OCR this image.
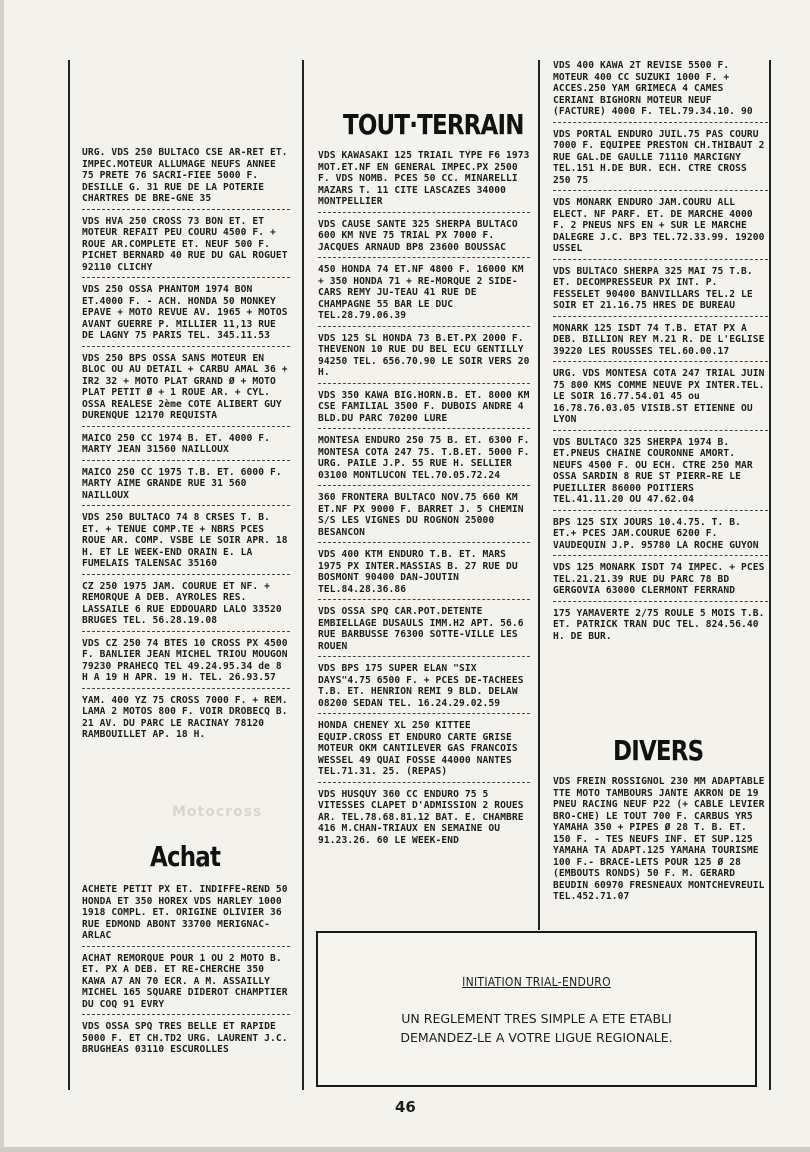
TOUT·TERRAIN
Motocross
Achat
DIVERS
URG. VDS 250 BULTACO CSE AR-RET ET. IMPEC.MOTEUR ALLUMAGE NEUFS ANNEE 75 PRETE 76 SACRI-FIEE 5000 F. DESILLE G. 31 RUE DE LA POTERIE CHARTRES DE BRE-GNE 35
VDS HVA 250 CROSS 73 BON ET. ET MOTEUR REFAIT PEU COURU 4500 F. + ROUE AR.COMPLETE ET. NEUF 500 F. PICHET BERNARD 40 RUE DU GAL ROGUET 92110 CLICHY
VDS 250 OSSA PHANTOM 1974 BON ET.4000 F. - ACH. HONDA 50 MONKEY EPAVE + MOTO REVUE AV. 1965 + MOTOS AVANT GUERRE P. MILLIER 11,13 RUE DE LAGNY 75 PARIS TEL. 345.11.53
VDS 250 BPS OSSA SANS MOTEUR EN BLOC OU AU DETAIL + CARBU AMAL 36 + IR2 32 + MOTO PLAT GRAND Ø + MOTO PLAT PETIT Ø + 1 ROUE AR. + CYL. OSSA REALESE 2ème COTE ALIBERT GUY DURENQUE 12170 REQUISTA
MAICO 250 CC 1974 B. ET. 4000 F. MARTY JEAN 31560 NAILLOUX
MAICO 250 CC 1975 T.B. ET. 6000 F. MARTY AIME GRANDE RUE 31 560 NAILLOUX
VDS 250 BULTACO 74 8 CRSES T. B. ET. + TENUE COMP.TE + NBRS PCES ROUE AR. COMP. VSBE LE SOIR APR. 18 H. ET LE WEEK-END ORAIN E. LA FUMELAIS TALENSAC 35160
CZ 250 1975 JAM. COURUE ET NF. + REMORQUE A DEB. AYROLES RES. LASSAILE 6 RUE EDDOUARD LALO 33520 BRUGES TEL. 56.28.19.08
VDS CZ 250 74 BTES 10 CROSS PX 4500 F. BANLIER JEAN MICHEL TRIOU MOUGON 79230 PRAHECQ TEL 49.24.95.34 de 8 H A 19 H APR. 19 H. TEL. 26.93.57
YAM. 400 YZ 75 CROSS 7000 F. + REM. LAMA 2 MOTOS 800 F. VOIR DROBECQ B. 21 AV. DU PARC LE RACINAY 78120 RAMBOUILLET AP. 18 H.
ACHETE PETIT PX ET. INDIFFE-REND 50 HONDA ET 350 HOREX VDS HARLEY 1000 1918 COMPL. ET. ORIGINE OLIVIER 36 RUE EDMOND ABONT 33700 MERIGNAC-ARLAC
ACHAT REMORQUE POUR 1 OU 2 MOTO B. ET. PX A DEB. ET RE-CHERCHE 350 KAWA A7 AN 70 ECR. A M. ASSAILLY MICHEL 165 SQUARE DIDEROT CHAMPTIER DU COQ 91 EVRY
VDS OSSA SPQ TRES BELLE ET RAPIDE 5000 F. ET CH.TD2 URG. LAURENT J.C. BRUGHEAS 03110 ESCUROLLES
VDS KAWASAKI 125 TRIAIL TYPE F6 1973 MOT.ET.NF EN GENERAL IMPEC.PX 2500 F. VDS NOMB. PCES 50 CC. MINARELLI MAZARS T. 11 CITE LASCAZES 34000 MONTPELLIER
VDS CAUSE SANTE 325 SHERPA BULTACO 600 KM NVE 75 TRIAL PX 7000 F. JACQUES ARNAUD BP8 23600 BOUSSAC
450 HONDA 74 ET.NF 4800 F. 16000 KM + 350 HONDA 71 + RE-MORQUE 2 SIDE-CARS REMY JU-TEAU 41 RUE DE CHAMPAGNE 55 BAR LE DUC TEL.28.79.06.39
VDS 125 SL HONDA 73 B.ET.PX 2000 F. THEVENON 10 RUE DU BEL ECU GENTILLY 94250 TEL. 656.70.90 LE SOIR VERS 20 H.
VDS 350 KAWA BIG.HORN.B. ET. 8000 KM CSE FAMILIAL 3500 F. DUBOIS ANDRE 4 BLD.DU PARC 70200 LURE
MONTESA ENDURO 250 75 B. ET. 6300 F. MONTESA COTA 247 75. T.B.ET. 5000 F. URG. PAILE J.P. 55 RUE H. SELLIER 03100 MONTLUCON TEL.70.05.72.24
360 FRONTERA BULTACO NOV.75 660 KM ET.NF PX 9000 F. BARRET J. 5 CHEMIN S/S LES VIGNES DU ROGNON 25000 BESANCON
VDS 400 KTM ENDURO T.B. ET. MARS 1975 PX INTER.MASSIAS B. 27 RUE DU BOSMONT 90400 DAN-JOUTIN TEL.84.28.36.86
VDS OSSA SPQ CAR.POT.DETENTE EMBIELLAGE DUSAULS IMM.H2 APT. 56.6 RUE BARBUSSE 76300 SOTTE-VILLE LES ROUEN
VDS BPS 175 SUPER ELAN "SIX DAYS"4.75 6500 F. + PCES DE-TACHEES T.B. ET. HENRION REMI 9 BLD. DELAW 08200 SEDAN TEL. 16.24.29.02.59
HONDA CHENEY XL 250 KITTEE EQUIP.CROSS ET ENDURO CARTE GRISE MOTEUR OKM CANTILEVER GAS FRANCOIS WESSEL 49 QUAI FOSSE 44000 NANTES TEL.71.31. 25. (REPAS)
VDS HUSQUY 360 CC ENDURO 75 5 VITESSES CLAPET D'ADMISSION 2 ROUES AR. TEL.78.68.81.12 BAT. E. CHAMBRE 416 M.CHAN-TRIAUX EN SEMAINE OU 91.23.26. 60 LE WEEK-END
VDS 400 KAWA 2T REVISE 5500 F. MOTEUR 400 CC SUZUKI 1000 F. + ACCES.250 YAM GRIMECA 4 CAMES CERIANI BIGHORN MOTEUR NEUF (FACTURE) 4000 F. TEL.79.34.10. 90
VDS PORTAL ENDURO JUIL.75 PAS COURU 7000 F. EQUIPEE PRESTON CH.THIBAUT 2 RUE GAL.DE GAULLE 71110 MARCIGNY TEL.151 H.DE BUR. ECH. CTRE CROSS 250 75
VDS MONARK ENDURO JAM.COURU ALL ELECT. NF PARF. ET. DE MARCHE 4000 F. 2 PNEUS NFS EN + SUR LE MARCHE DALEGRE J.C. BP3 TEL.72.33.99. 19200 USSEL
VDS BULTACO SHERPA 325 MAI 75 T.B. ET. DECOMPRESSEUR PX INT. P. FESSELET 90400 BANVILLARS TEL.2 LE SOIR ET 21.16.75 HRES DE BUREAU
MONARK 125 ISDT 74 T.B. ETAT PX A DEB. BILLION REY M.21 R. DE L'EGLISE 39220 LES ROUSSES TEL.60.00.17
URG. VDS MONTESA COTA 247 TRIAL JUIN 75 800 KMS COMME NEUVE PX INTER.TEL. LE SOIR 16.77.54.01 45 ou 16.78.76.03.05 VISIB.ST ETIENNE OU LYON
VDS BULTACO 325 SHERPA 1974 B. ET.PNEUS CHAINE COURONNE AMORT. NEUFS 4500 F. OU ECH. CTRE 250 MAR OSSA SARDIN 8 RUE ST PIERR-RE LE PUEILLIER 86000 POITIERS TEL.41.11.20 OU 47.62.04
BPS 125 SIX JOURS 10.4.75. T. B. ET.+ PCES JAM.COURUE 6200 F. VAUDEQUIN J.P. 95780 LA ROCHE GUYON
VDS 125 MONARK ISDT 74 IMPEC. + PCES TEL.21.21.39 RUE DU PARC 78 BD GERGOVIA 63000 CLERMONT FERRAND
175 YAMAVERTE 2/75 ROULE 5 MOIS T.B. ET. PATRICK TRAN DUC TEL. 824.56.40 H. DE BUR.
VDS FREIN ROSSIGNOL 230 MM ADAPTABLE TTE MOTO TAMBOURS JANTE AKRON DE 19 PNEU RACING NEUF P22 (+ CABLE LEVIER BRO-CHE) LE TOUT 700 F. CARBUS YR5 YAMAHA 350 + PIPES Ø 28 T. B. ET. 150 F. - TES NEUFS INF. ET SUP.125 YAMAHA TA ADAPT.125 YAMAHA TOURISME 100 F.- BRACE-LETS POUR 125 Ø 28 (EMBOUTS RONDS) 50 F. M. GERARD BEUDIN 60970 FRESNEAUX MONTCHEVREUIL TEL.452.71.07
INITIATION TRIAL-ENDURO
UN REGLEMENT TRES SIMPLE A ETE ETABLI
DEMANDEZ-LE A VOTRE LIGUE REGIONALE.
46
